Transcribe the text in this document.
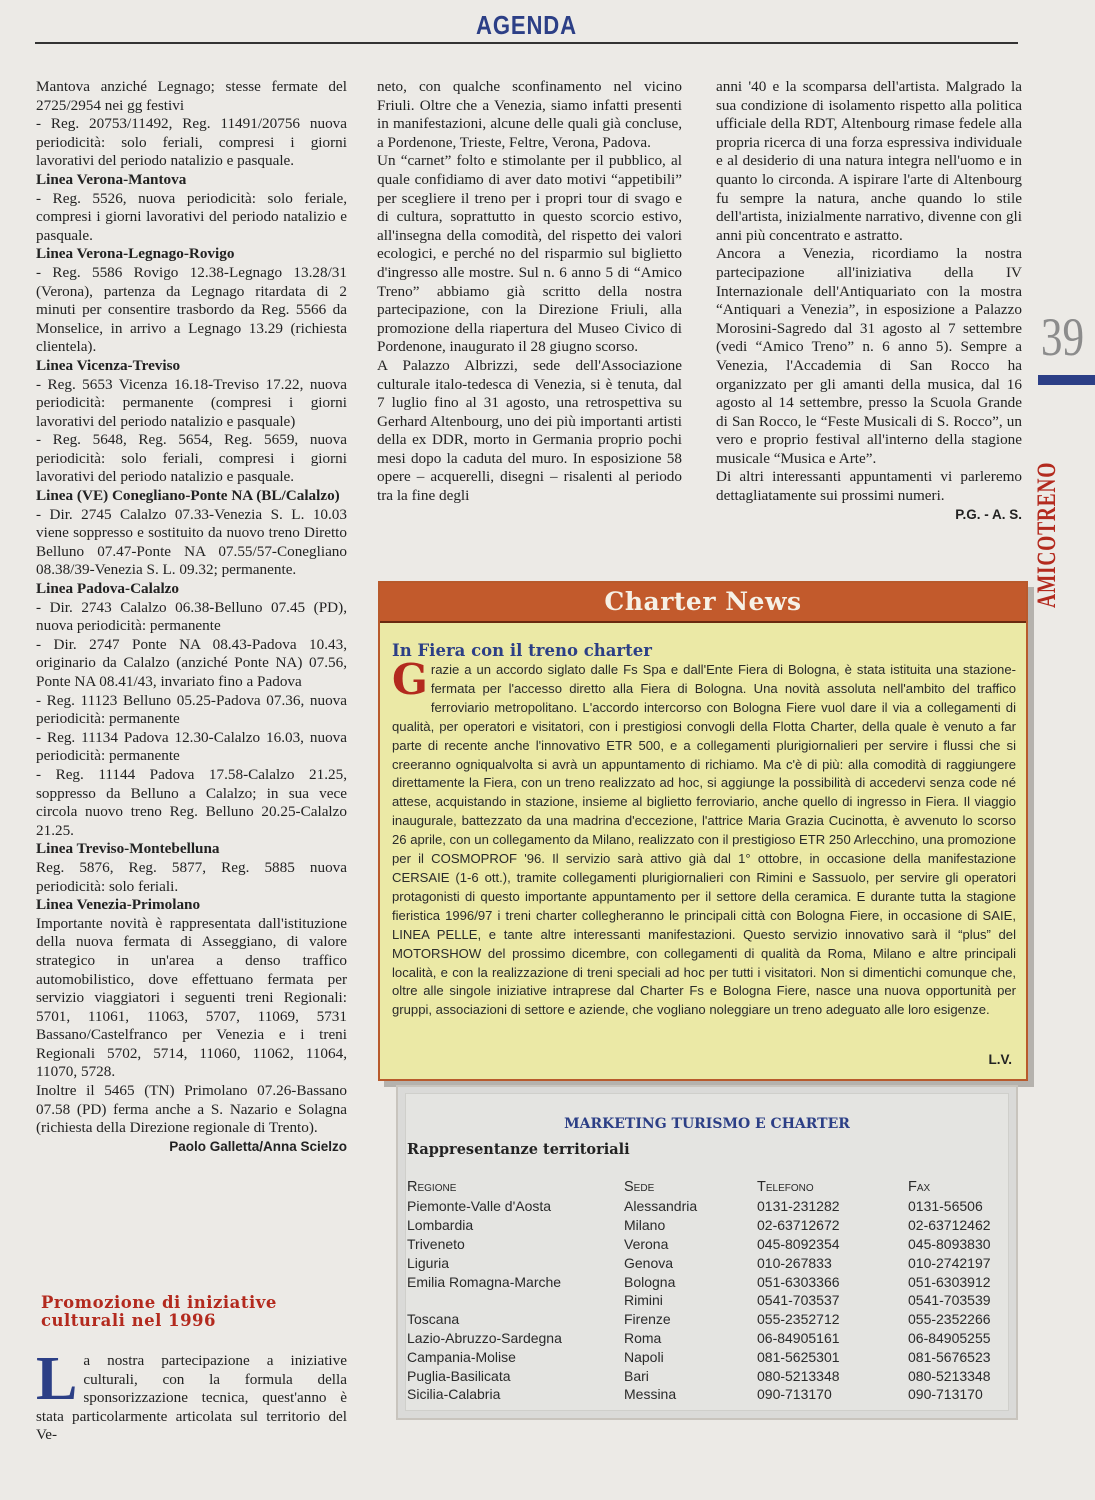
AGENDA

Mantova anziché Legnago; stesse fermate del 2725/2954 nei gg festivi

- Reg. 20753/11492, Reg. 11491/20756 nuova periodicità: solo feriali, compresi i giorni lavorativi del periodo natalizio e pasquale.

Linea Verona-Mantova

- Reg. 5526, nuova periodicità: solo feriale, compresi i giorni lavorativi del periodo natalizio e pasquale.

Linea Verona-Legnago-Rovigo

- Reg. 5586 Rovigo 12.38-Legnago 13.28/31 (Verona), partenza da Legnago ritardata di 2 minuti per consentire trasbordo da Reg. 5566 da Monselice, in arrivo a Legnago 13.29 (richiesta clientela).

Linea Vicenza-Treviso

- Reg. 5653 Vicenza 16.18-Treviso 17.22, nuova periodicità: permanente (compresi i giorni lavorativi del periodo natalizio e pasquale)

- Reg. 5648, Reg. 5654, Reg. 5659, nuova periodicità: solo feriali, compresi i giorni lavorativi del periodo natalizio e pasquale.

Linea (VE) Conegliano-Ponte NA (BL/Calalzo)

- Dir. 2745 Calalzo 07.33-Venezia S. L. 10.03 viene soppresso e sostituito da nuovo treno Diretto Belluno 07.47-Ponte NA 07.55/57-Conegliano 08.38/39-Venezia S. L. 09.32; permanente.

Linea Padova-Calalzo

- Dir. 2743 Calalzo 06.38-Belluno 07.45 (PD), nuova periodicità: permanente

- Dir. 2747 Ponte NA 08.43-Padova 10.43, originario da Calalzo (anziché Ponte NA) 07.56, Ponte NA 08.41/43, invariato fino a Padova

- Reg. 11123 Belluno 05.25-Padova 07.36, nuova periodicità: permanente

- Reg. 11134 Padova 12.30-Calalzo 16.03, nuova periodicità: permanente

- Reg. 11144 Padova 17.58-Calalzo 21.25, soppresso da Belluno a Calalzo; in sua vece circola nuovo treno Reg. Belluno 20.25-Calalzo 21.25.

Linea Treviso-Montebelluna

Reg. 5876, Reg. 5877, Reg. 5885 nuova periodicità: solo feriali.

Linea Venezia-Primolano

Importante novità è rappresentata dall'istituzione della nuova fermata di Asseggiano, di valore strategico in un'area a denso traffico automobilistico, dove effettuano fermata per servizio viaggiatori i seguenti treni Regionali: 5701, 11061, 11063, 5707, 11069, 5731 Bassano/Castelfranco per Venezia e i treni Regionali 5702, 5714, 11060, 11062, 11064, 11070, 5728.

Inoltre il 5465 (TN) Primolano 07.26-Bassano 07.58 (PD) ferma anche a S. Nazario e Solagna (richiesta della Direzione regionale di Trento).

Paolo Galletta/Anna Scielzo

Promozione di iniziative culturali nel 1996
La nostra partecipazione a iniziative culturali, con la formula della sponsorizzazione tecnica, quest'anno è stata particolarmente articolata sul territorio del Ve-

neto, con qualche sconfinamento nel vicino Friuli. Oltre che a Venezia, siamo infatti presenti in manifestazioni, alcune delle quali già concluse, a Pordenone, Trieste, Feltre, Verona, Padova.

Un “carnet” folto e stimolante per il pubblico, al quale confidiamo di aver dato motivi “appetibili” per scegliere il treno per i propri tour di svago e di cultura, soprattutto in questo scorcio estivo, all'insegna della comodità, del rispetto dei valori ecologici, e perché no del risparmio sul biglietto d'ingresso alle mostre. Sul n. 6 anno 5 di “Amico Treno” abbiamo già scritto della nostra partecipazione, con la Direzione Friuli, alla promozione della riapertura del Museo Civico di Pordenone, inaugurato il 28 giugno scorso.

A Palazzo Albrizzi, sede dell'Associazione culturale italo-tedesca di Venezia, si è tenuta, dal 7 luglio fino al 31 agosto, una retrospettiva su Gerhard Altenbourg, uno dei più importanti artisti della ex DDR, morto in Germania proprio pochi mesi dopo la caduta del muro. In esposizione 58 opere – acquerelli, disegni – risalenti al periodo tra la fine degli

anni '40 e la scomparsa dell'artista. Malgrado la sua condizione di isolamento rispetto alla politica ufficiale della RDT, Altenbourg rimase fedele alla propria ricerca di una forza espressiva individuale e al desiderio di una natura integra nell'uomo e in quanto lo circonda. A ispirare l'arte di Altenbourg fu sempre la natura, anche quando lo stile dell'artista, inizialmente narrativo, divenne con gli anni più concentrato e astratto.

Ancora a Venezia, ricordiamo la nostra partecipazione all'iniziativa della IV Internazionale dell'Antiquariato con la mostra “Antiquari a Venezia”, in esposizione a Palazzo Morosini-Sagredo dal 31 agosto al 7 settembre (vedi “Amico Treno” n. 6 anno 5). Sempre a Venezia, l'Accademia di San Rocco ha organizzato per gli amanti della musica, dal 16 agosto al 14 settembre, presso la Scuola Grande di San Rocco, le “Feste Musicali di S. Rocco”, un vero e proprio festival all'interno della stagione musicale “Musica e Arte”.

Di altri interessanti appuntamenti vi parleremo dettagliatamente sui prossimi numeri.

P.G. - A. S.

39
AMICOTRENO
Charter News
In Fiera con il treno charter
Grazie a un accordo siglato dalle Fs Spa e dall'Ente Fiera di Bologna, è stata istituita una stazione-fermata per l'accesso diretto alla Fiera di Bologna. Una novità assoluta nell'ambito del traffico ferroviario metropolitano. L'accordo intercorso con Bologna Fiere vuol dare il via a collegamenti di qualità, per operatori e visitatori, con i prestigiosi convogli della Flotta Charter, della quale è venuto a far parte di recente anche l'innovativo ETR 500, e a collegamenti plurigiornalieri per servire i flussi che si creeranno ogniqualvolta si avrà un appuntamento di richiamo. Ma c'è di più: alla comodità di raggiungere direttamente la Fiera, con un treno realizzato ad hoc, si aggiunge la possibilità di accedervi senza code né attese, acquistando in stazione, insieme al biglietto ferroviario, anche quello di ingresso in Fiera. Il viaggio inaugurale, battezzato da una madrina d'eccezione, l'attrice Maria Grazia Cucinotta, è avvenuto lo scorso 26 aprile, con un collegamento da Milano, realizzato con il prestigioso ETR 250 Arlecchino, una promozione per il COSMOPROF '96. Il servizio sarà attivo già dal 1° ottobre, in occasione della manifestazione CERSAIE (1-6 ott.), tramite collegamenti plurigiornalieri con Rimini e Sassuolo, per servire gli operatori protagonisti di questo importante appuntamento per il settore della ceramica. E durante tutta la stagione fieristica 1996/97 i treni charter collegheranno le principali città con Bologna Fiere, in occasione di SAIE, LINEA PELLE, e tante altre interessanti manifestazioni. Questo servizio innovativo sarà il “plus” del MOTORSHOW del prossimo dicembre, con collegamenti di qualità da Roma, Milano e altre principali località, e con la realizzazione di treni speciali ad hoc per tutti i visitatori. Non si dimentichi comunque che, oltre alle singole iniziative intraprese dal Charter Fs e Bologna Fiere, nasce una nuova opportunità per gruppi, associazioni di settore e aziende, che vogliano noleggiare un treno adeguato alle loro esigenze.
L.V.
MARKETING TURISMO E CHARTER
Rappresentanze territoriali
Regione	Sede	Telefono	Fax
Piemonte-Valle d'Aosta	Alessandria	0131-231282	0131-56506
Lombardia	Milano	02-63712672	02-63712462
Triveneto	Verona	045-8092354	045-8093830
Liguria	Genova	010-267833	010-2742197
Emilia Romagna-Marche	Bologna	051-6303366	051-6303912
	Rimini	0541-703537	0541-703539
Toscana	Firenze	055-2352712	055-2352266
Lazio-Abruzzo-Sardegna	Roma	06-84905161	06-84905255
Campania-Molise	Napoli	081-5625301	081-5676523
Puglia-Basilicata	Bari	080-5213348	080-5213348
Sicilia-Calabria	Messina	090-713170	090-713170
